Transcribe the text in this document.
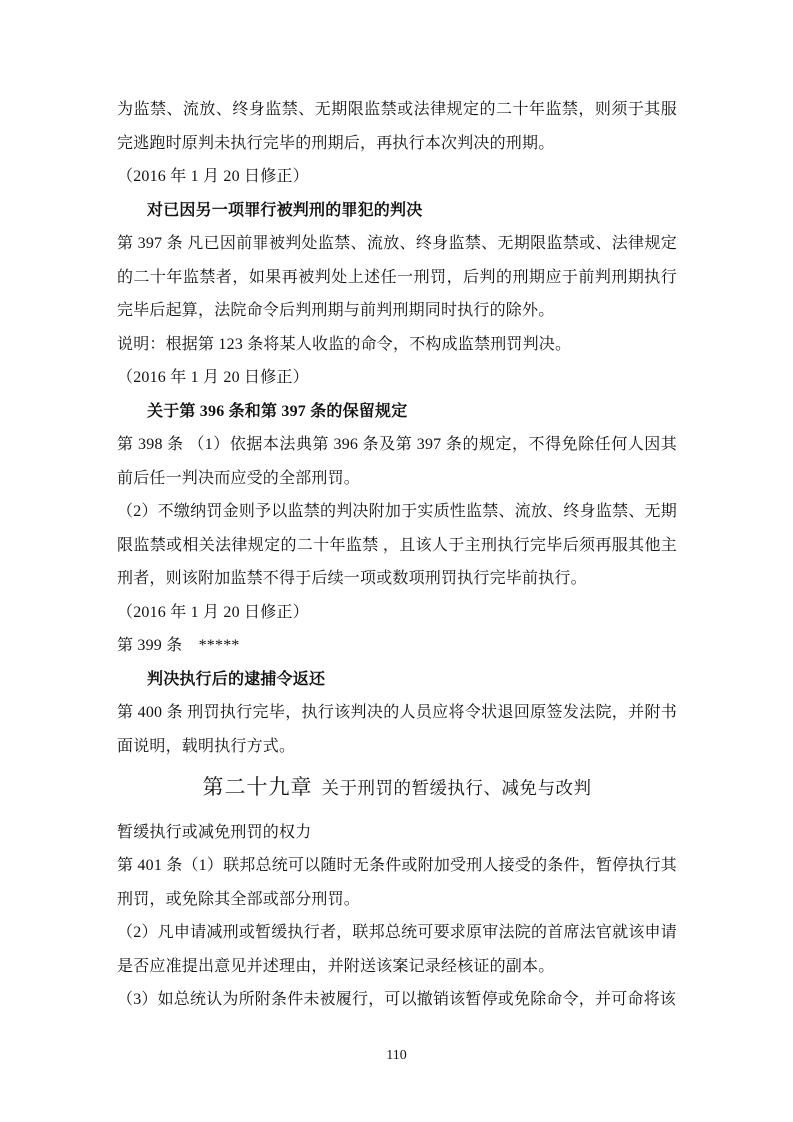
为监禁、流放、终身监禁、无期限监禁或法律规定的二十年监禁，则须于其服完逃跑时原判未执行完毕的刑期后，再执行本次判决的刑期。

（2016 年 1 月 20 日修正）

对已因另一项罪行被判刑的罪犯的判决

第 397 条 凡已因前罪被判处监禁、流放、终身监禁、无期限监禁或、法律规定的二十年监禁者，如果再被判处上述任一刑罚，后判的刑期应于前判刑期执行完毕后起算，法院命令后判刑期与前判刑期同时执行的除外。

说明：根据第 123 条将某人收监的命令，不构成监禁刑罚判决。

（2016 年 1 月 20 日修正）

关于第 396 条和第 397 条的保留规定

第 398 条 （1）依据本法典第 396 条及第 397 条的规定，不得免除任何人因其前后任一判决而应受的全部刑罚。

（2）不缴纳罚金则予以监禁的判决附加于实质性监禁、流放、终身监禁、无期限监禁或相关法律规定的二十年监禁 ，且该人于主刑执行完毕后须再服其他主刑者，则该附加监禁不得于后续一项或数项刑罚执行完毕前执行。

（2016 年 1 月 20 日修正）

第 399 条　*****

判决执行后的逮捕令返还

第 400 条 刑罚执行完毕，执行该判决的人员应将令状退回原签发法院，并附书面说明，载明执行方式。

第二十九章 关于刑罚的暂缓执行、减免与改判

暂缓执行或减免刑罚的权力

第 401 条（1）联邦总统可以随时无条件或附加受刑人接受的条件，暂停执行其刑罚，或免除其全部或部分刑罚。

（2）凡申请减刑或暂缓执行者，联邦总统可要求原审法院的首席法官就该申请是否应准提出意见并述理由，并附送该案记录经核证的副本。

（3）如总统认为所附条件未被履行，可以撤销该暂停或免除命令，并可命将该

110
